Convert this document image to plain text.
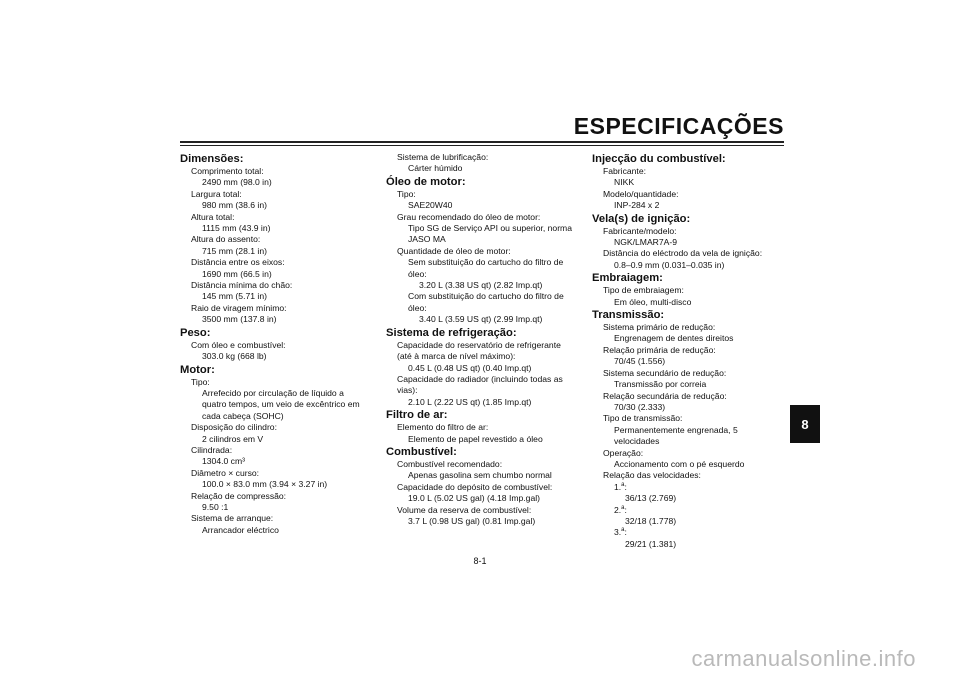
ESPECIFICAÇÕES
8
Dimensões:
Comprimento total:
2490 mm (98.0 in)
Largura total:
980 mm (38.6 in)
Altura total:
1115 mm (43.9 in)
Altura do assento:
715 mm (28.1 in)
Distância entre os eixos:
1690 mm (66.5 in)
Distância mínima do chão:
145 mm (5.71 in)
Raio de viragem mínimo:
3500 mm (137.8 in)
Peso:
Com óleo e combustível:
303.0 kg (668 lb)
Motor:
Tipo:
Arrefecido por circulação de líquido a
quatro tempos, um veio de excêntrico em
cada cabeça (SOHC)
Disposição do cilindro:
2 cilindros em V
Cilindrada:
1304.0 cm³
Diâmetro × curso:
100.0 × 83.0 mm (3.94 × 3.27 in)
Relação de compressão:
9.50 :1
Sistema de arranque:
Arrancador eléctrico
Sistema de lubrificação:
Cárter húmido
Óleo de motor:
Tipo:
SAE20W40
Grau recomendado do óleo de motor:
Tipo SG de Serviço API ou superior, norma
JASO MA
Quantidade de óleo de motor:
Sem substituição do cartucho do filtro de
óleo:
3.20 L (3.38 US qt) (2.82 Imp.qt)
Com substituição do cartucho do filtro de
óleo:
3.40 L (3.59 US qt) (2.99 Imp.qt)
Sistema de refrigeração:
Capacidade do reservatório de refrigerante
(até à marca de nível máximo):
0.45 L (0.48 US qt) (0.40 Imp.qt)
Capacidade do radiador (incluindo todas as
vias):
2.10 L (2.22 US qt) (1.85 Imp.qt)
Filtro de ar:
Elemento do filtro de ar:
Elemento de papel revestido a óleo
Combustível:
Combustível recomendado:
Apenas gasolina sem chumbo normal
Capacidade do depósito de combustível:
19.0 L (5.02 US gal) (4.18 Imp.gal)
Volume da reserva de combustível:
3.7 L (0.98 US gal) (0.81 Imp.gal)
Injecção du combustível:
Fabricante:
NIKK
Modelo/quantidade:
INP-284 x 2
Vela(s) de ignição:
Fabricante/modelo:
NGK/LMAR7A-9
Distância do eléctrodo da vela de ignição:
0.8–0.9 mm (0.031–0.035 in)
Embraiagem:
Tipo de embraiagem:
Em óleo, multi-disco
Transmissão:
Sistema primário de redução:
Engrenagem de dentes direitos
Relação primária de redução:
70/45 (1.556)
Sistema secundário de redução:
Transmissão por correia
Relação secundária de redução:
70/30 (2.333)
Tipo de transmissão:
Permanentemente engrenada, 5
velocidades
Operação:
Accionamento com o pé esquerdo
Relação das velocidades:
1.$^a$:
36/13 (2.769)
2.$^a$:
32/18 (1.778)
3.$^a$:
29/21 (1.381)
8-1
carmanualsonline.info
